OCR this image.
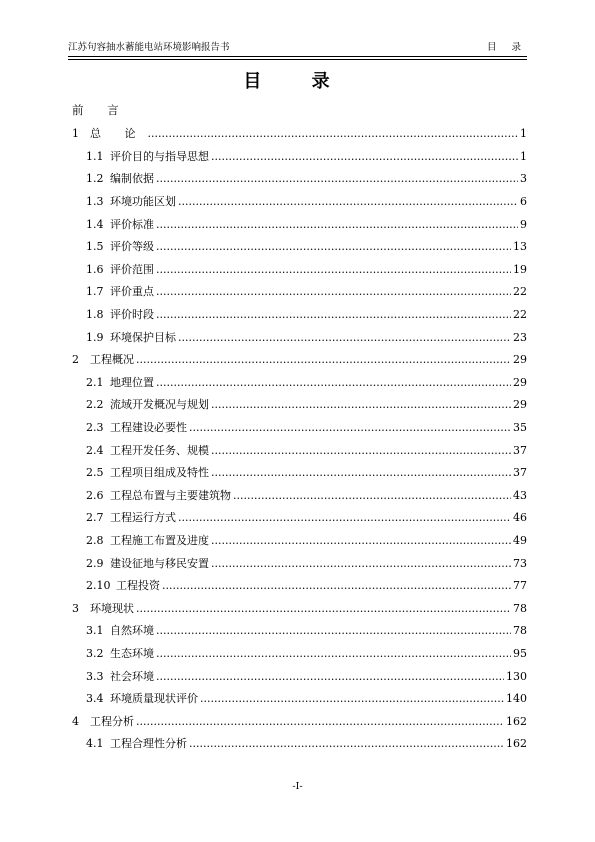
江苏句容抽水蓄能电站环境影响报告书	目 录
目 录
前 言
1	总 论 .....	1
1.1 评价目的与指导思想 .....	1
1.2 编制依据 .....	3
1.3 环境功能区划 .....	6
1.4 评价标准 .....	9
1.5 评价等级 .....	13
1.6 评价范围 .....	19
1.7 评价重点 .....	22
1.8 评价时段 .....	22
1.9 环境保护目标 .....	23
2	工程概况 .....	29
2.1 地理位置 .....	29
2.2 流域开发概况与规划 .....	29
2.3 工程建设必要性 .....	35
2.4 工程开发任务、规模 .....	37
2.5 工程项目组成及特性 .....	37
2.6 工程总布置与主要建筑物 .....	43
2.7 工程运行方式 .....	46
2.8 工程施工布置及进度 .....	49
2.9 建设征地与移民安置 .....	73
2.10 工程投资 .....	77
3	环境现状 .....	78
3.1 自然环境 .....	78
3.2 生态环境 .....	95
3.3 社会环境 .....	130
3.4 环境质量现状评价 .....	140
4	工程分析 .....	162
4.1 工程合理性分析 .....	162
-I-
